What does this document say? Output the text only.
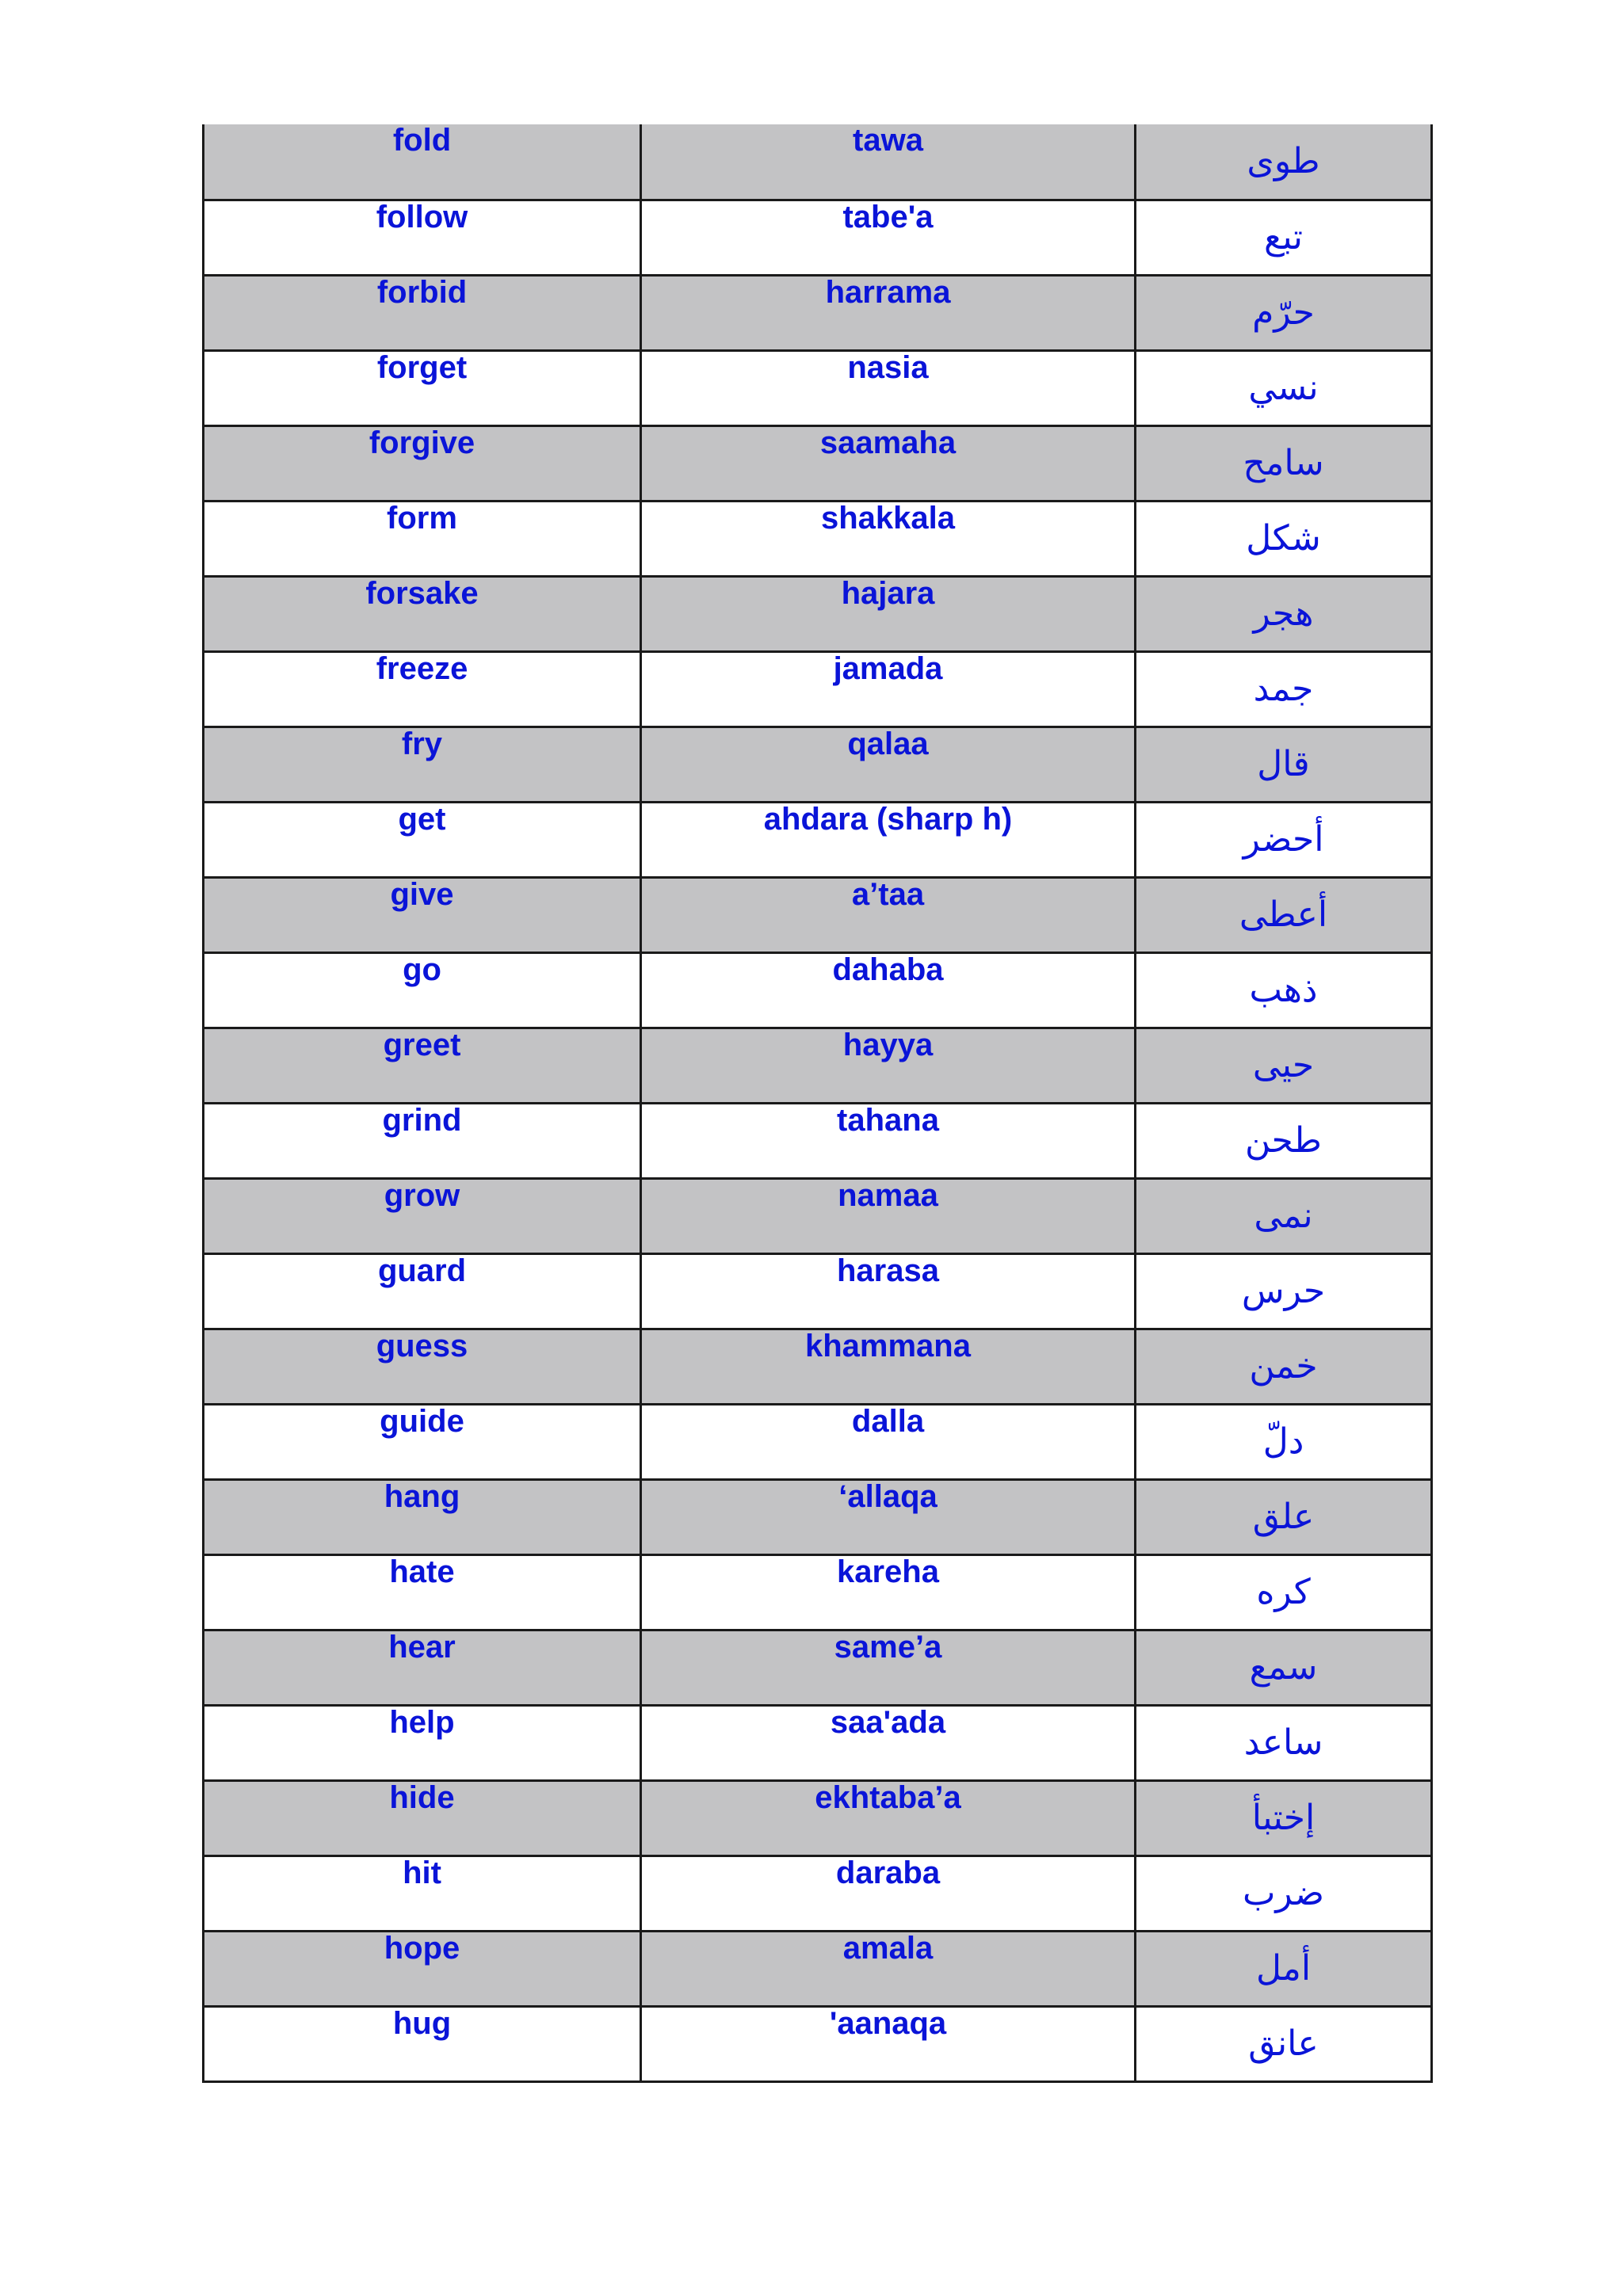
fold	tawa	طوى
follow	tabe'a	تبع
forbid	harrama	حرّم
forget	nasia	نسي
forgive	saamaha	سامح
form	shakkala	شكل
forsake	hajara	هجر
freeze	jamada	جمد
fry	qalaa	قال
get	ahdara (sharp h)	أحضر
give	a’taa	أعطى
go	dahaba	ذهب
greet	hayya	حيى
grind	tahana	طحن
grow	namaa	نمى
guard	harasa	حرس
guess	khammana	خمن
guide	dalla	دلّ
hang	‘allaqa	علق
hate	kareha	كره
hear	same’a	سمع
help	saa'ada	ساعد
hide	ekhtaba’a	إختبأ
hit	daraba	ضرب
hope	amala	أمل
hug	'aanaqa	عانق
